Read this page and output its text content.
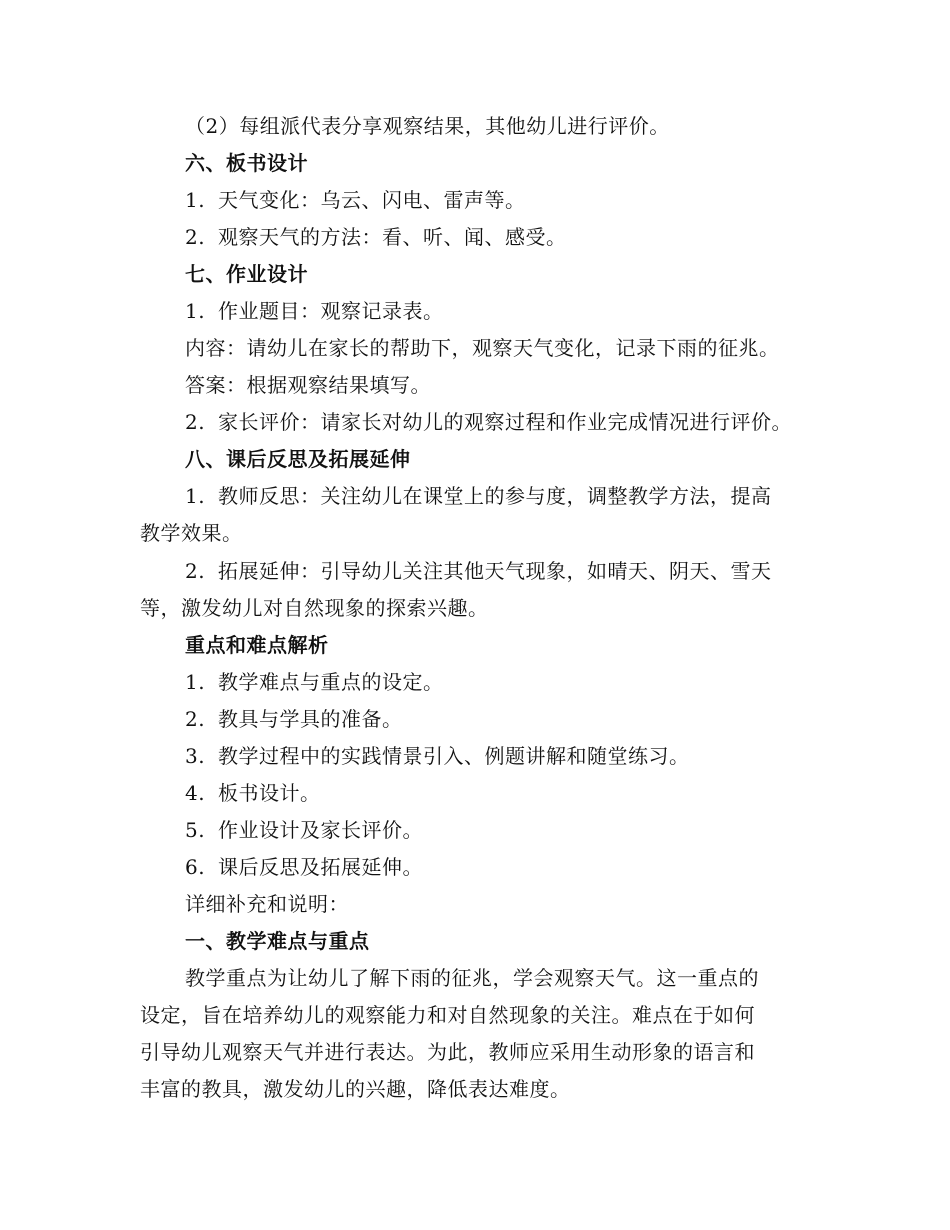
（2）每组派代表分享观察结果，其他幼儿进行评价。
六、板书设计
1. 天气变化：乌云、闪电、雷声等。
2. 观察天气的方法：看、听、闻、感受。
七、作业设计
1. 作业题目：观察记录表。
内容：请幼儿在家长的帮助下，观察天气变化，记录下雨的征兆。
答案：根据观察结果填写。
2. 家长评价：请家长对幼儿的观察过程和作业完成情况进行评价。
八、课后反思及拓展延伸
1. 教师反思：关注幼儿在课堂上的参与度，调整教学方法，提高
教学效果。
2. 拓展延伸：引导幼儿关注其他天气现象，如晴天、阴天、雪天
等，激发幼儿对自然现象的探索兴趣。
重点和难点解析
1. 教学难点与重点的设定。
2. 教具与学具的准备。
3. 教学过程中的实践情景引入、例题讲解和随堂练习。
4. 板书设计。
5. 作业设计及家长评价。
6. 课后反思及拓展延伸。
详细补充和说明：
一、教学难点与重点
教学重点为让幼儿了解下雨的征兆，学会观察天气。这一重点的
设定，旨在培养幼儿的观察能力和对自然现象的关注。难点在于如何
引导幼儿观察天气并进行表达。为此，教师应采用生动形象的语言和
丰富的教具，激发幼儿的兴趣，降低表达难度。
